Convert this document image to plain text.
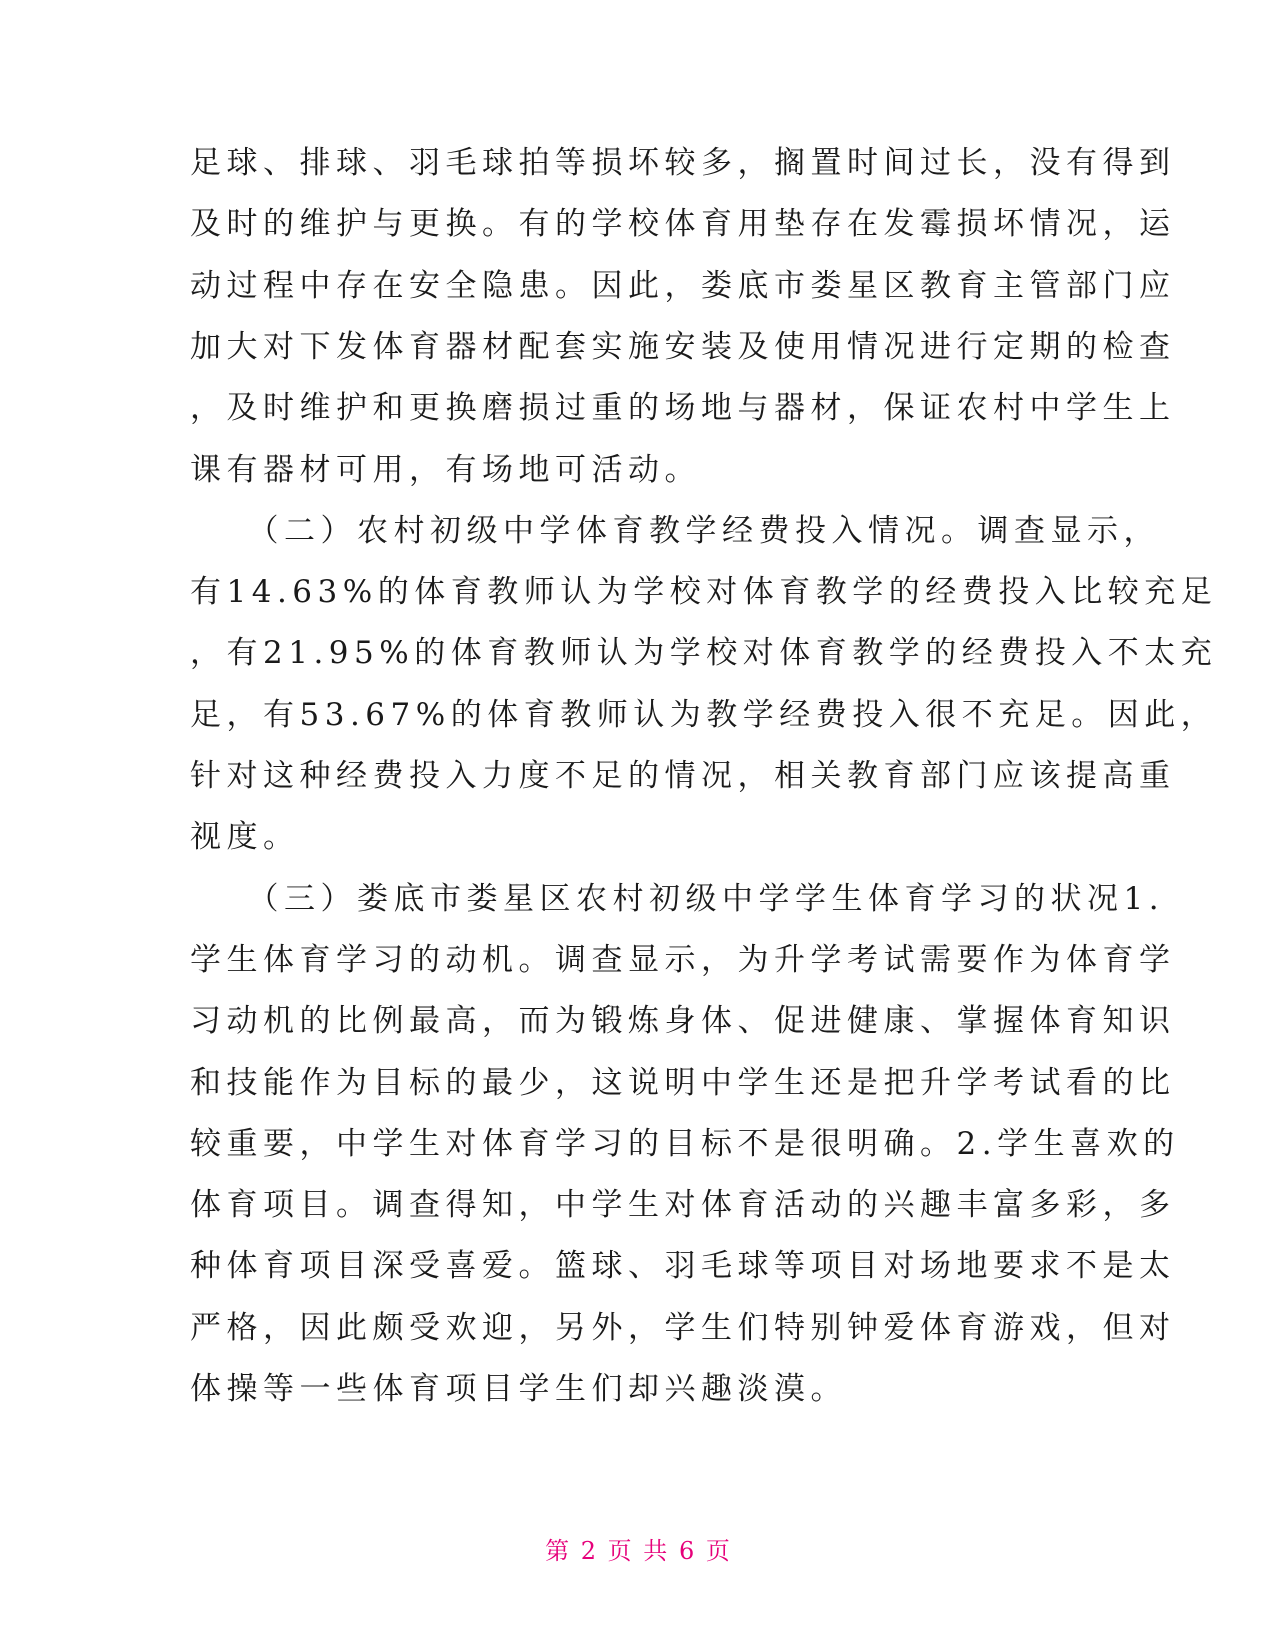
足球、排球、羽毛球拍等损坏较多，搁置时间过长，没有得到
及时的维护与更换。有的学校体育用垫存在发霉损坏情况，运
动过程中存在安全隐患。因此，娄底市娄星区教育主管部门应
加大对下发体育器材配套实施安装及使用情况进行定期的检查
，及时维护和更换磨损过重的场地与器材，保证农村中学生上
课有器材可用，有场地可活动。
　　（二）农村初级中学体育教学经费投入情况。调查显示，
有14.63%的体育教师认为学校对体育教学的经费投入比较充足
，有21.95%的体育教师认为学校对体育教学的经费投入不太充
足，有53.67%的体育教师认为教学经费投入很不充足。因此，
针对这种经费投入力度不足的情况，相关教育部门应该提高重
视度。
　　（三）娄底市娄星区农村初级中学学生体育学习的状况1.
学生体育学习的动机。调查显示，为升学考试需要作为体育学
习动机的比例最高，而为锻炼身体、促进健康、掌握体育知识
和技能作为目标的最少，这说明中学生还是把升学考试看的比
较重要，中学生对体育学习的目标不是很明确。2.学生喜欢的
体育项目。调查得知，中学生对体育活动的兴趣丰富多彩，多
种体育项目深受喜爱。篮球、羽毛球等项目对场地要求不是太
严格，因此颇受欢迎，另外，学生们特别钟爱体育游戏，但对
体操等一些体育项目学生们却兴趣淡漠。
第 2 页 共 6 页
